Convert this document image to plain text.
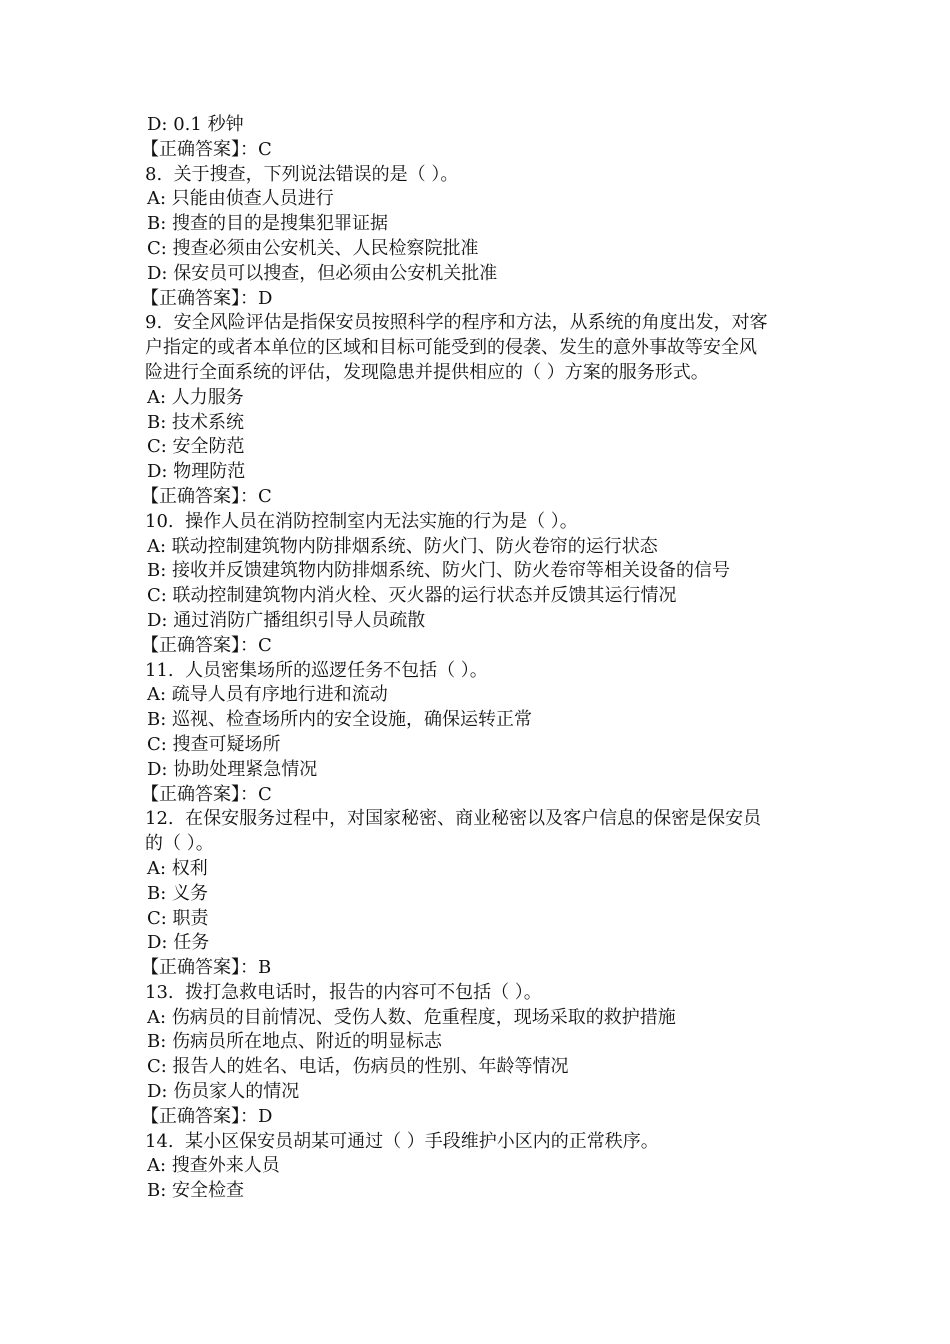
D: 0.1 秒钟
【正确答案】：C
8.  关于搜查，下列说法错误的是（ ）。
A: 只能由侦查人员进行
B: 搜查的目的是搜集犯罪证据
C: 搜查必须由公安机关、人民检察院批准
D: 保安员可以搜查，但必须由公安机关批准
【正确答案】：D
9.  安全风险评估是指保安员按照科学的程序和方法，从系统的角度出发，对客
户指定的或者本单位的区域和目标可能受到的侵袭、发生的意外事故等安全风
险进行全面系统的评估，发现隐患并提供相应的（ ）方案的服务形式。
A: 人力服务
B: 技术系统
C: 安全防范
D: 物理防范
【正确答案】：C
10.  操作人员在消防控制室内无法实施的行为是（ ）。
A: 联动控制建筑物内防排烟系统、防火门、防火卷帘的运行状态
B: 接收并反馈建筑物内防排烟系统、防火门、防火卷帘等相关设备的信号
C: 联动控制建筑物内消火栓、灭火器的运行状态并反馈其运行情况
D: 通过消防广播组织引导人员疏散
【正确答案】：C
11.  人员密集场所的巡逻任务不包括（ ）。
A: 疏导人员有序地行进和流动
B: 巡视、检查场所内的安全设施，确保运转正常
C: 搜查可疑场所
D: 协助处理紧急情况
【正确答案】：C
12.  在保安服务过程中，对国家秘密、商业秘密以及客户信息的保密是保安员
的（ ）。
A: 权利
B: 义务
C: 职责
D: 任务
【正确答案】：B
13.  拨打急救电话时，报告的内容可不包括（ ）。
A: 伤病员的目前情况、受伤人数、危重程度，现场采取的救护措施
B: 伤病员所在地点、附近的明显标志
C: 报告人的姓名、电话，伤病员的性别、年龄等情况
D: 伤员家人的情况
【正确答案】：D
14.  某小区保安员胡某可通过（ ）手段维护小区内的正常秩序。
A: 搜查外来人员
B: 安全检查
